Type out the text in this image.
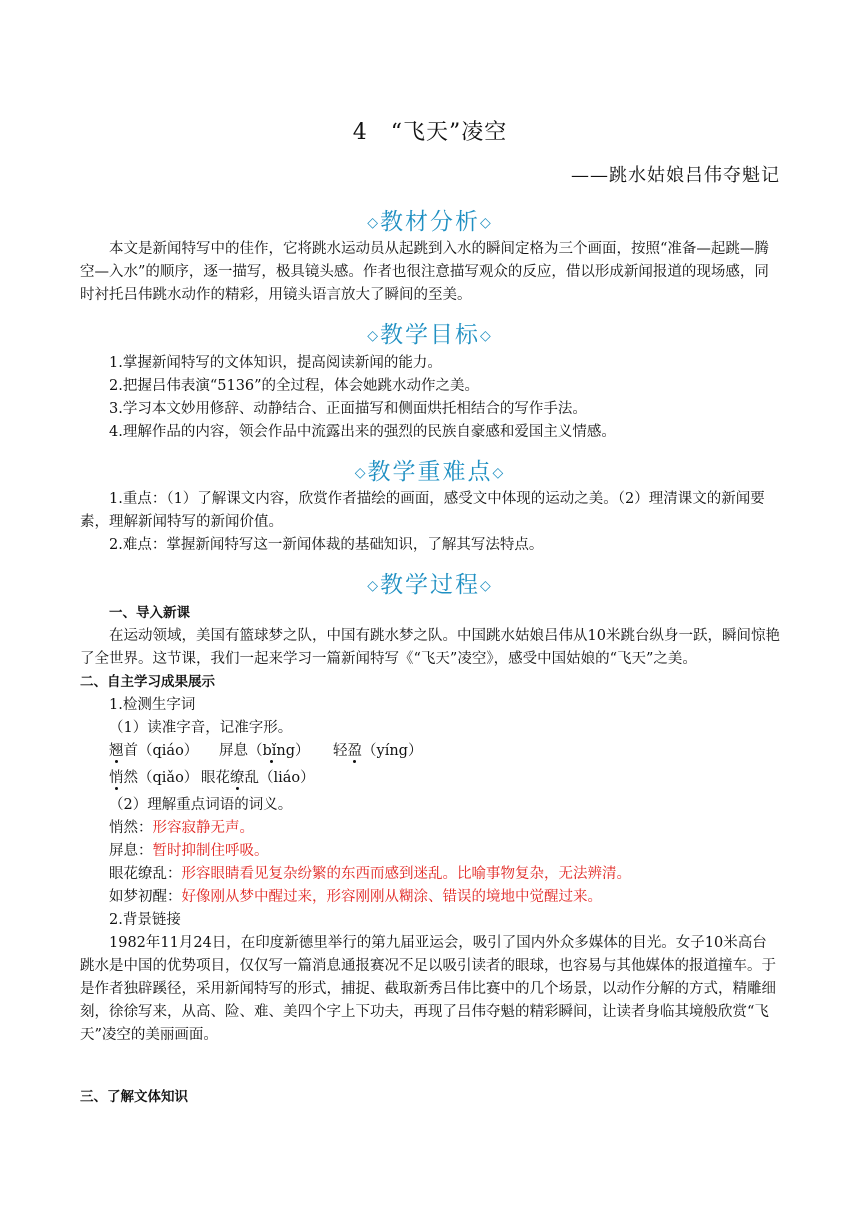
4　“飞天”凌空
——跳水姑娘吕伟夺魁记
◇教材分析◇
本文是新闻特写中的佳作，它将跳水运动员从起跳到入水的瞬间定格为三个画面，按照“准备—起跳—腾空—入水”的顺序，逐一描写，极具镜头感。作者也很注意描写观众的反应，借以形成新闻报道的现场感，同时衬托吕伟跳水动作的精彩，用镜头语言放大了瞬间的至美。
◇教学目标◇
1.掌握新闻特写的文体知识，提高阅读新闻的能力。
2.把握吕伟表演“5136”的全过程，体会她跳水动作之美。
3.学习本文妙用修辞、动静结合、正面描写和侧面烘托相结合的写作手法。
4.理解作品的内容，领会作品中流露出来的强烈的民族自豪感和爱国主义情感。
◇教学重难点◇
1.重点：（1）了解课文内容，欣赏作者描绘的画面，感受文中体现的运动之美。（2）理清课文的新闻要素，理解新闻特写的新闻价值。
2.难点：掌握新闻特写这一新闻体裁的基础知识，了解其写法特点。
◇教学过程◇
一、导入新课
在运动领域，美国有篮球梦之队，中国有跳水梦之队。中国跳水姑娘吕伟从10米跳台纵身一跃，瞬间惊艳了全世界。这节课，我们一起来学习一篇新闻特写《“飞天”凌空》，感受中国姑娘的“飞天”之美。
二、自主学习成果展示
1.检测生字词
（1）读准字音，记准字形。
翘首（qiáo） 屏息（bǐng） 轻盈（yíng）
悄然（qiǎo） 眼花缭乱（liáo）
（2）理解重点词语的词义。
悄然：形容寂静无声。
屏息：暂时抑制住呼吸。
眼花缭乱：形容眼睛看见复杂纷繁的东西而感到迷乱。比喻事物复杂，无法辨清。
如梦初醒：好像刚从梦中醒过来，形容刚刚从糊涂、错误的境地中觉醒过来。
2.背景链接
1982年11月24日，在印度新德里举行的第九届亚运会，吸引了国内外众多媒体的目光。女子10米高台跳水是中国的优势项目，仅仅写一篇消息通报赛况不足以吸引读者的眼球，也容易与其他媒体的报道撞车。于是作者独辟蹊径，采用新闻特写的形式，捕捉、截取新秀吕伟比赛中的几个场景，以动作分解的方式，精雕细刻，徐徐写来，从高、险、难、美四个字上下功夫，再现了吕伟夺魁的精彩瞬间，让读者身临其境般欣赏“飞天”凌空的美丽画面。
三、了解文体知识
